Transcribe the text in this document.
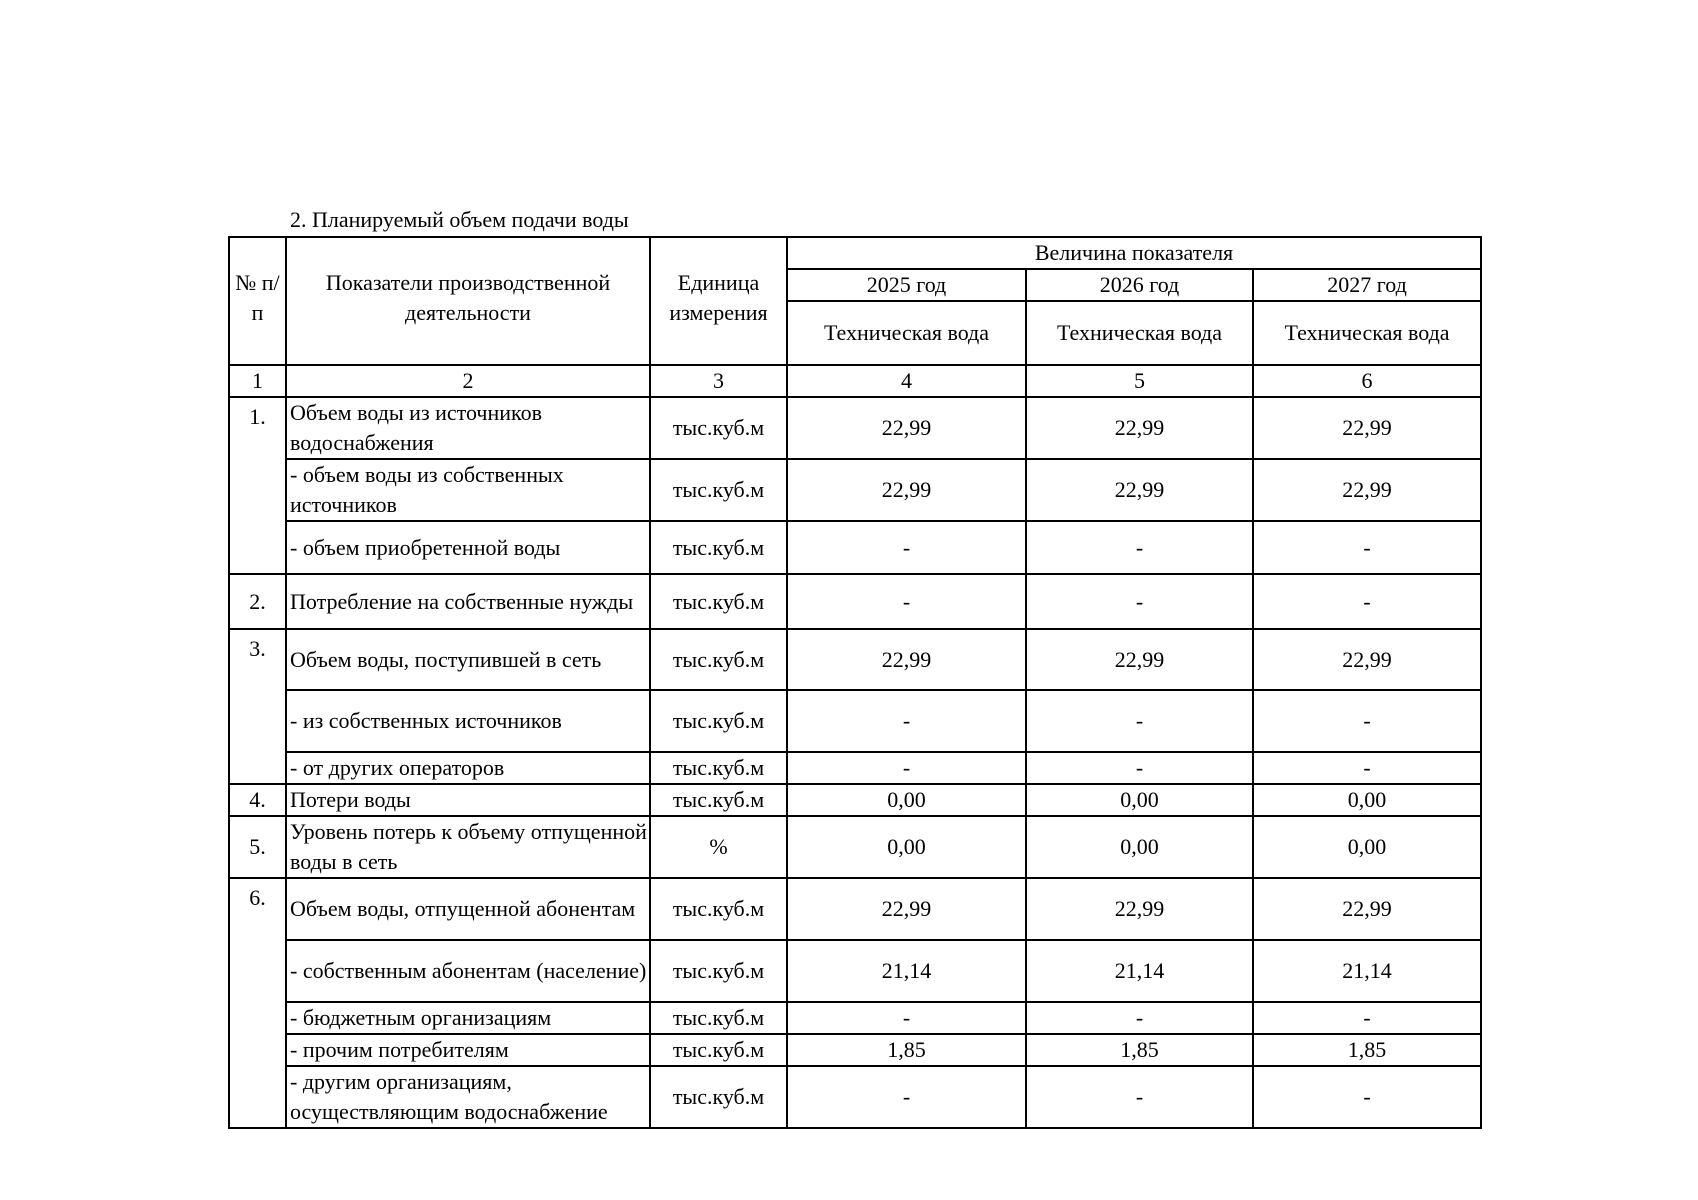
2. Планируемый объем подачи воды
№ п/п	Показатели производственной деятельности	Единица измерения	Величина показателя		
			2025 год	2026 год	2027 год
			Техническая вода	Техническая вода	Техническая вода
1	2	3	4	5	6
1.	Объем воды из источников водоснабжения	тыс.куб.м	22,99	22,99	22,99
	- объем воды из собственных источников	тыс.куб.м	22,99	22,99	22,99
	- объем приобретенной воды	тыс.куб.м	-	-	-
2.	Потребление на собственные нужды	тыс.куб.м	-	-	-
3.	Объем воды, поступившей в сеть	тыс.куб.м	22,99	22,99	22,99
	- из собственных источников	тыс.куб.м	-	-	-
	- от других операторов	тыс.куб.м	-	-	-
4.	Потери воды	тыс.куб.м	0,00	0,00	0,00
5.	Уровень потерь к объему отпущенной воды в сеть	%	0,00	0,00	0,00
6.	Объем воды, отпущенной абонентам	тыс.куб.м	22,99	22,99	22,99
	- собственным абонентам (население)	тыс.куб.м	21,14	21,14	21,14
	- бюджетным организациям	тыс.куб.м	-	-	-
	- прочим потребителям	тыс.куб.м	1,85	1,85	1,85
	- другим организациям, осуществляющим водоснабжение	тыс.куб.м	-	-	-
